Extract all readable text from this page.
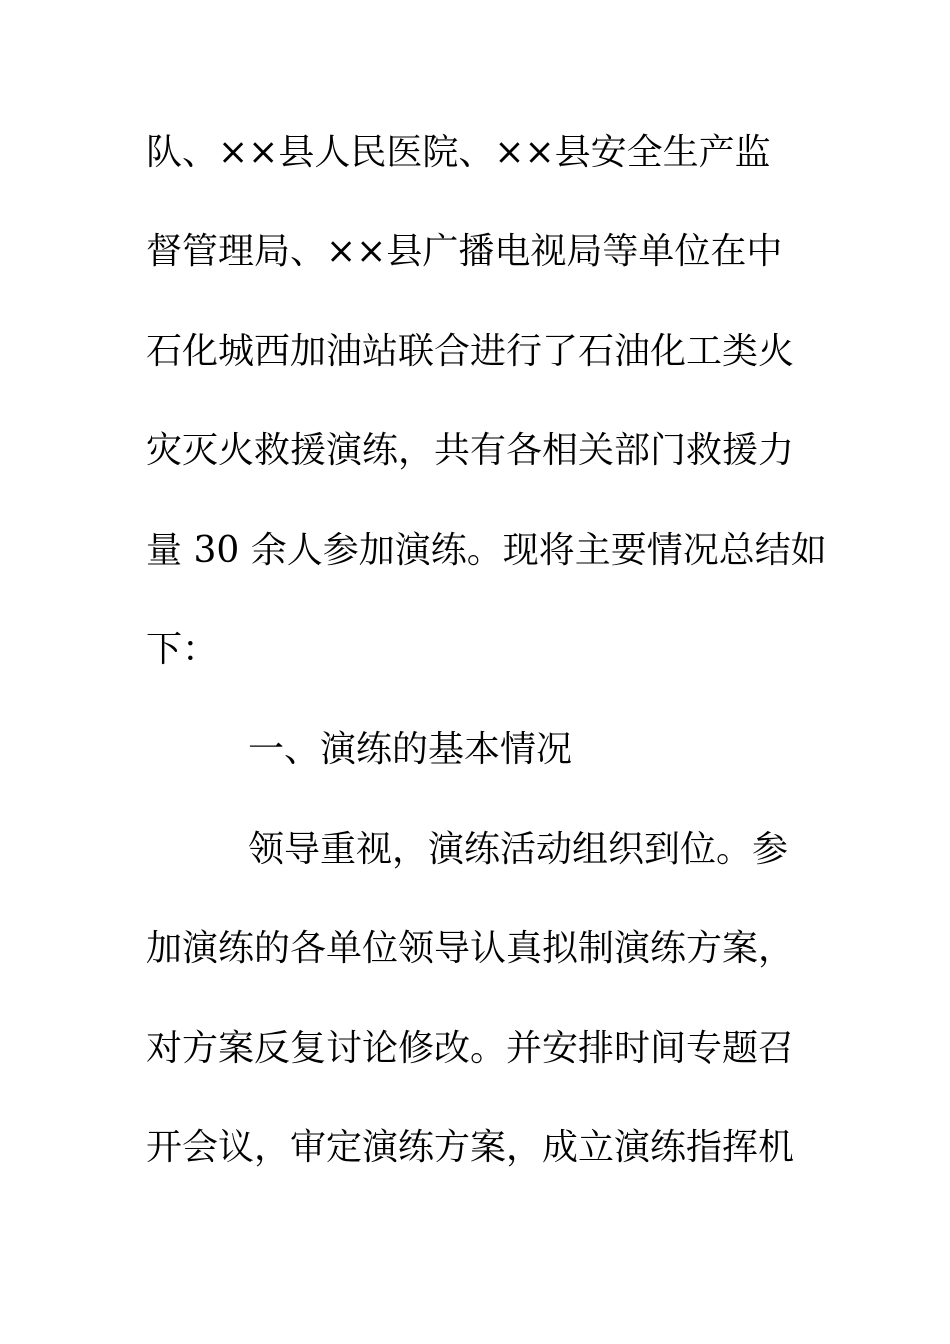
队、××县人民医院、××县安全生产监
督管理局、××县广播电视局等单位在中
石化城西加油站联合进行了石油化工类火
灾灭火救援演练，共有各相关部门救援力
量 30 余人参加演练。现将主要情况总结如
下：
一、演练的基本情况
领导重视，演练活动组织到位。参
加演练的各单位领导认真拟制演练方案，
对方案反复讨论修改。并安排时间专题召
开会议，审定演练方案，成立演练指挥机
